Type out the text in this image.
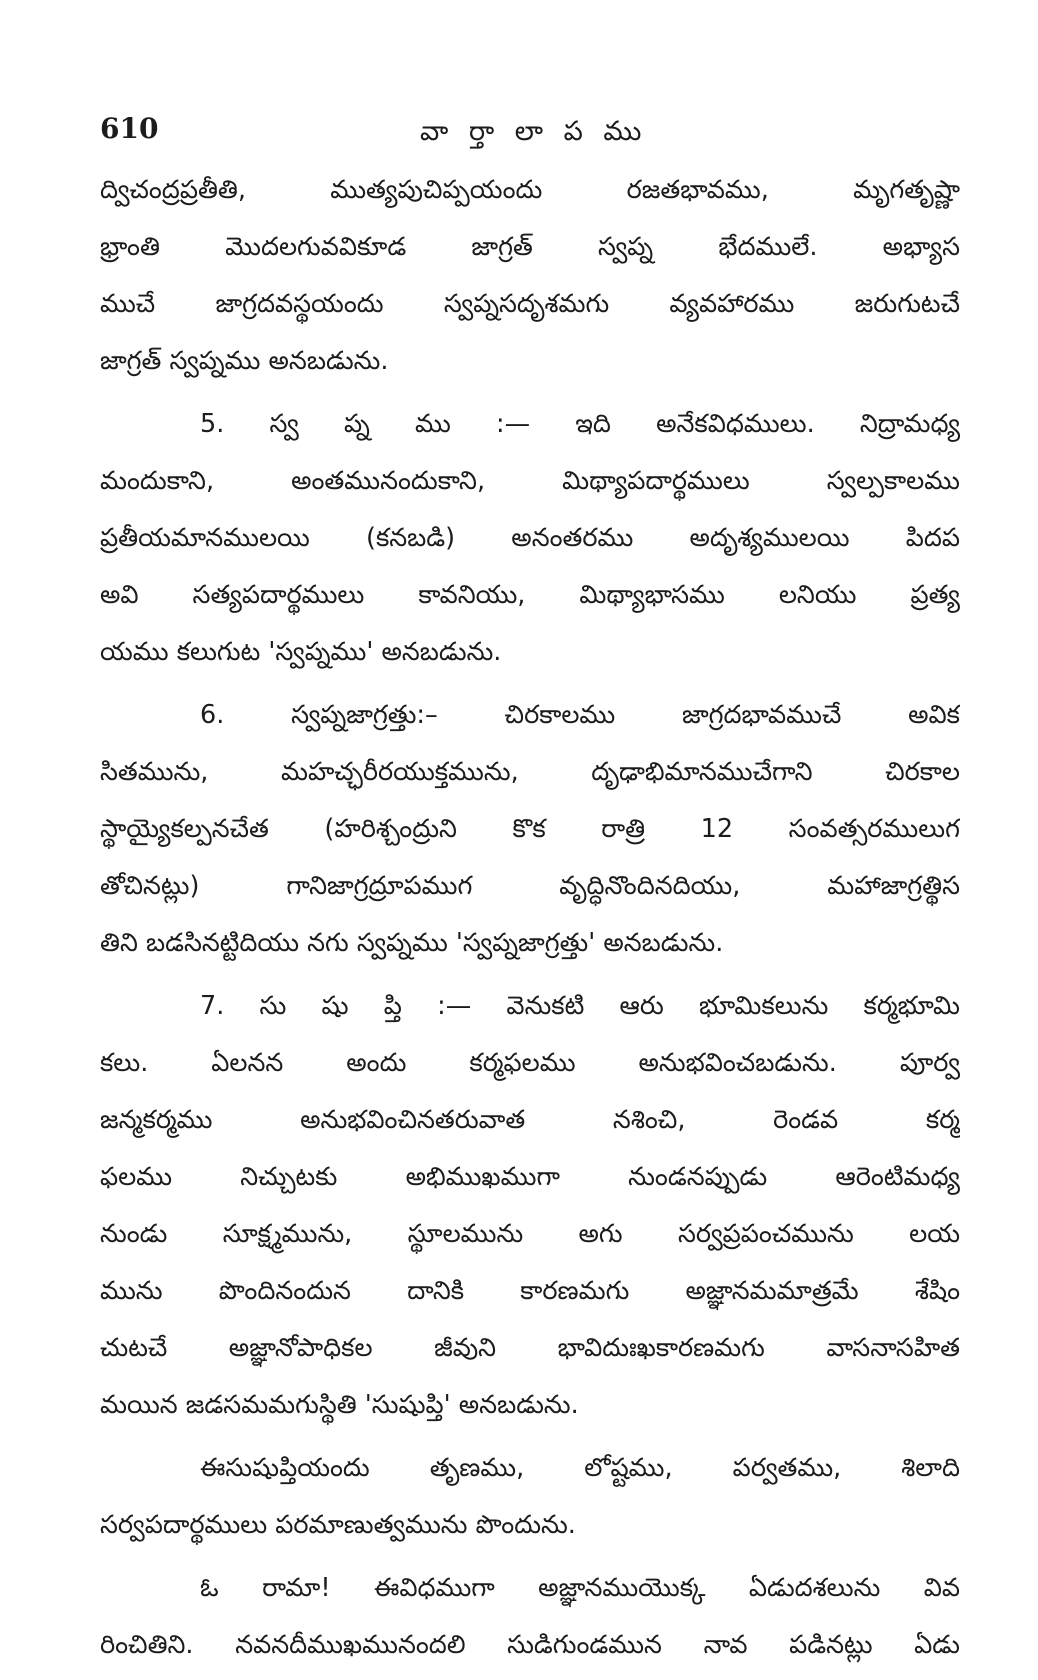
610	వా ర్తా లా ప ము
ద్విచంద్రప్రతీతి, ముత్యపుచిప్పయందు రజతభావము, మృగతృష్ణా
భ్రాంతి మొదలగువవికూడ జాగ్రత్ స్వప్న భేదములే. అభ్యాస
ముచే జాగ్రదవస్థయందు స్వప్నసదృశమగు వ్యవహారము జరుగుటచే
జాగ్రత్ స్వప్నము అనబడును.
5. స్వ ప్న ము :— ఇది అనేకవిధములు. నిద్రామధ్య
మందుకాని, అంతమునందుకాని, మిథ్యాపదార్థములు స్వల్పకాలము
ప్రతీయమానములయి (కనబడి) అనంతరము అదృశ్యములయి పిదప
అవి సత్యపదార్థములు కావనియు, మిథ్యాభాసము లనియు ప్రత్య
యము కలుగుట 'స్వప్నము' అనబడును.
6. స్వప్నజాగ్రత్తు:– చిరకాలము జాగ్రదభావముచే అవిక
సితమును, మహచ్ఛరీరయుక్తమును, దృఢాభిమానముచేగాని చిరకాల
స్థాయ్యైకల్పనచేత (హరిశ్చంద్రుని కొక రాత్రి 12 సంవత్సరములుగ
తోచినట్లు) గానిజాగ్రద్రూపముగ వృద్ధినొందినదియు, మహాజాగ్రత్థిస
తిని బడసినట్టిదియు నగు స్వప్నము 'స్వప్నజాగ్రత్తు' అనబడును.
7. సు షు ప్తి :— వెనుకటి ఆరు భూమికలును కర్మభూమి
కలు. ఏలనన అందు కర్మఫలము అనుభవించబడును. పూర్వ
జన్మకర్మము అనుభవించినతరువాత నశించి, రెండవ కర్మ
ఫలము నిచ్చుటకు అభిముఖముగా నుండనప్పుడు ఆరెంటిమధ్య
నుండు సూక్ష్మమును, స్థూలమును అగు సర్వప్రపంచమును లయ
మును పొందినందున దానికి కారణమగు అజ్ఞానమమాత్రమే శేషిం
చుటచే అజ్ఞానోపాధికల జీవుని భావిదుఃఖకారణమగు వాసనాసహిత
మయిన జడసమమగుస్థితి 'సుషుప్తి' అనబడును.
ఈసుషుప్తియందు తృణము, లోష్టము, పర్వతము, శిలాది
సర్వపదార్థములు పరమాణుత్వమును పొందును.
ఓ రామా! ఈవిధముగా అజ్ఞానముయొక్క ఏడుదశలును వివ
రించితిని. నవనదీముఖమునందలి సుడిగుండమున నావ పడినట్లు ఏడు
